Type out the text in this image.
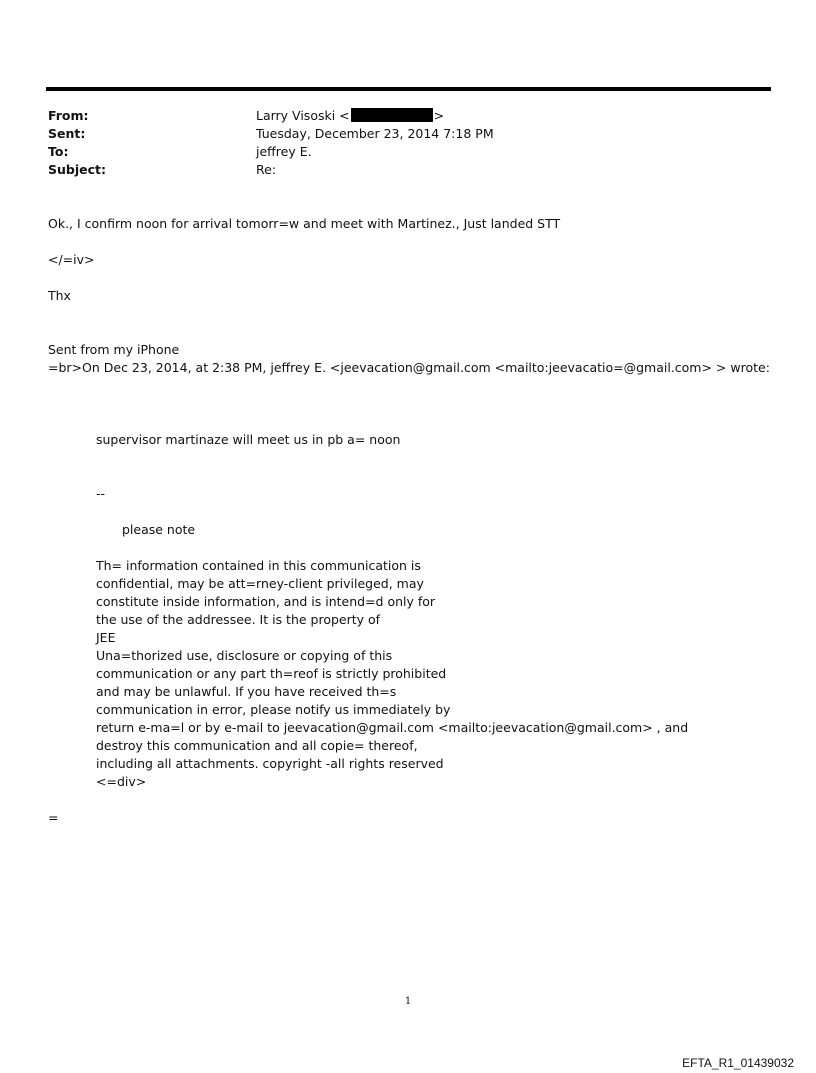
From:	Larry Visoski <	>
Sent:	Tuesday, December 23, 2014 7:18 PM
To:	jeffrey E.
Subject:	Re:
Ok., I confirm noon for arrival tomorr=w and meet with Martinez., Just landed STT
</=iv>
Thx
Sent from my iPhone
=br>On Dec 23, 2014, at 2:38 PM, jeffrey E. <jeevacation@gmail.com <mailto:jeevacatio=@gmail.com> > wrote:
supervisor martinaze will meet us in pb a= noon
--
please note
Th= information contained in this communication is
confidential, may be att=rney-client privileged, may
constitute inside information, and is intend=d only for
the use of the addressee. It is the property of
JEE
Una=thorized use, disclosure or copying of this
communication or any part th=reof is strictly prohibited
and may be unlawful. If you have received th=s
communication in error, please notify us immediately by
return e-ma=l or by e-mail to jeevacation@gmail.com <mailto:jeevacation@gmail.com> , and
destroy this communication and all copie= thereof,
including all attachments. copyright -all rights reserved
<=div>
=
1
EFTA_R1_01439032
